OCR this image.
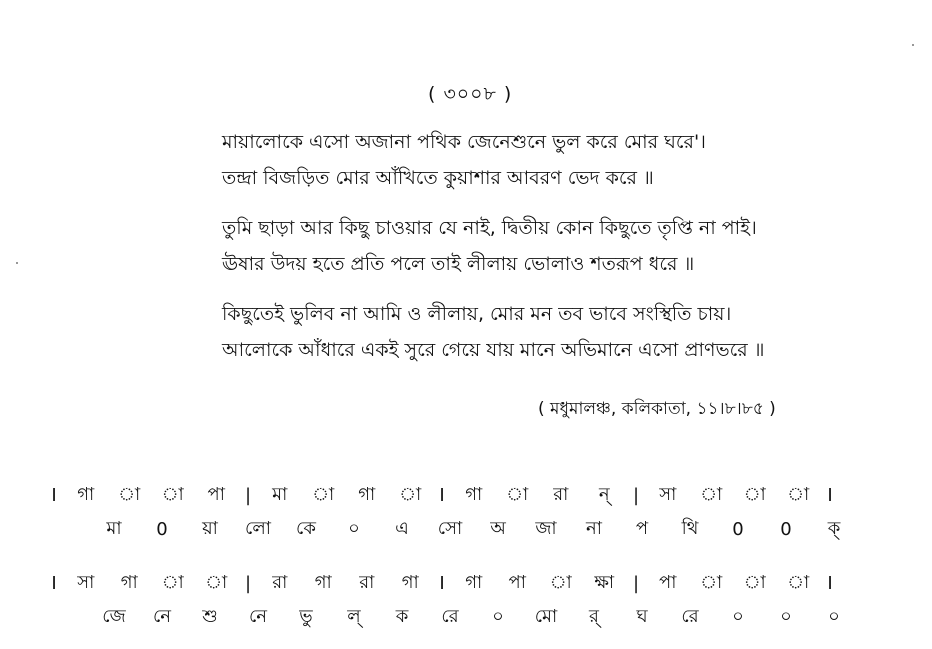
( ৩০০৮ )
মায়ালোকে এসো অজানা পথিক জেনেশুনে ভুল করে মোর ঘরে'।
তন্দ্রা বিজড়িত মোর আঁখিতে কুয়াশার আবরণ ভেদ করে ॥
তুমি ছাড়া আর কিছু চাওয়ার যে নাই, দ্বিতীয় কোন কিছুতে তৃপ্তি না পাই।
ঊষার উদয় হতে প্রতি পলে তাই লীলায় ভোলাও শতরূপ ধরে ॥
কিছুতেই ভুলিব না আমি ও লীলায়, মোর মন তব ভাবে সংস্থিতি চায়।
আলোকে আঁধারে একই সুরে গেয়ে যায় মানে অভিমানে এসো প্রাণভরে ॥
( মধুমালঞ্চ, কলিকাতা, ১১।৮।৮৫ )
I	গা	া	া	পা	|	মা	া	গা	া	I	গা	া	রা	ন্	|	সা	া	া	া	I
মা	0	য়া	লো	কে	০	এ	সো	অ	জা	না	প	থি	0	0	ক্
I	সা	গা	া	া |	রা	গা	রা	গা	I	গা	পা	া	ক্ষা	|	পা	া	া	া	I
জে	নে	শু	নে	ভু	ল্	ক	রে	০	মো	র্	ঘ	রে	০	০	০
